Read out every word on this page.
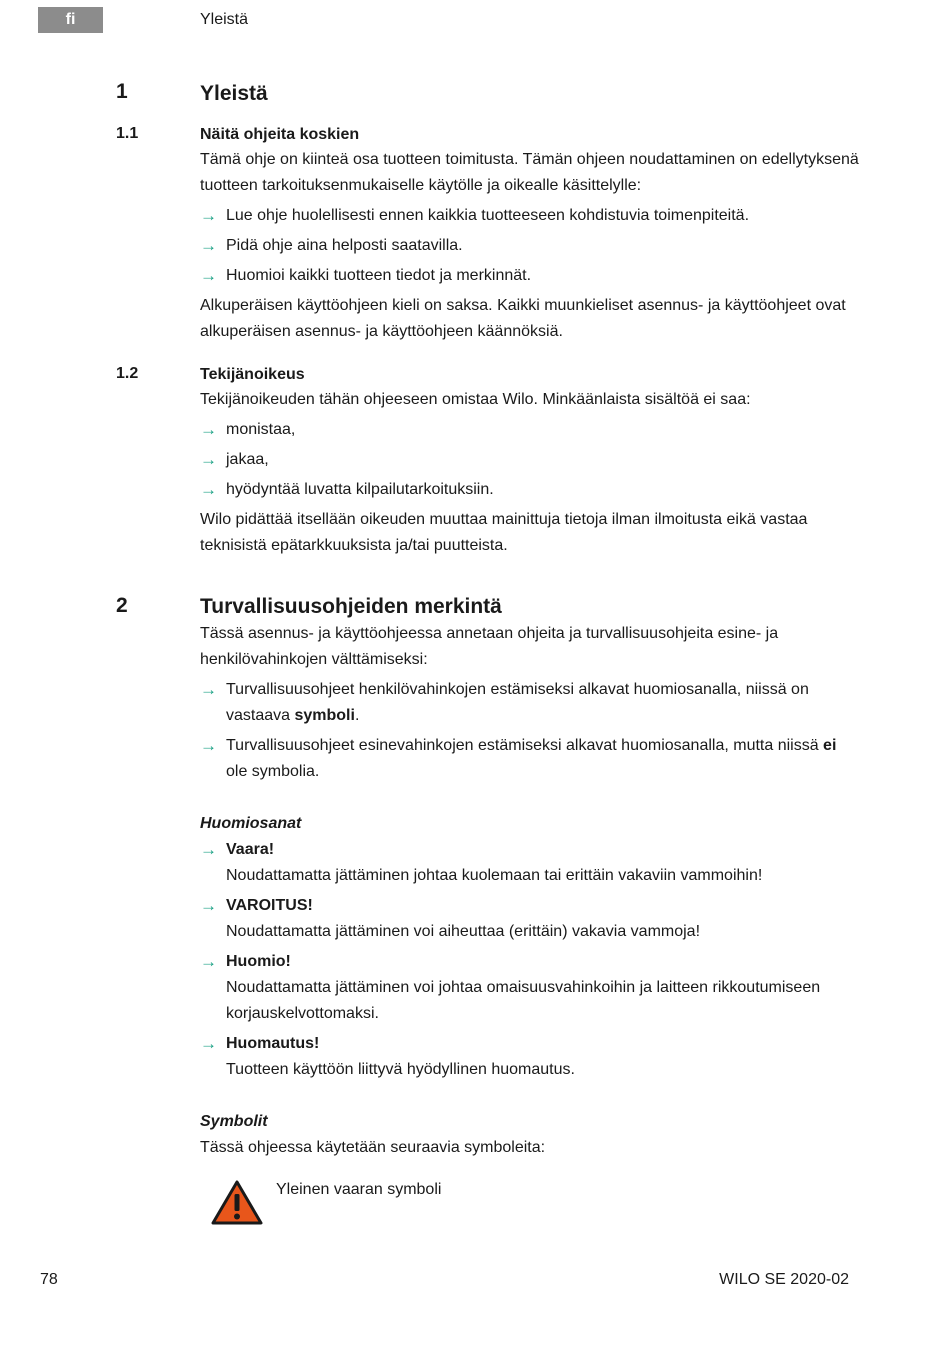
fi	Yleistä
1	Yleistä
1.1	Näitä ohjeita koskien

Tämä ohje on kiinteä osa tuotteen toimitusta. Tämän ohjeen noudattaminen on edellytyksenä tuotteen tarkoituksenmukaiselle käytölle ja oikealle käsittelylle:

→ Lue ohje huolellisesti ennen kaikkia tuotteeseen kohdistuvia toimenpiteitä.
→ Pidä ohje aina helposti saatavilla.
→ Huomioi kaikki tuotteen tiedot ja merkinnät.

Alkuperäisen käyttöohjeen kieli on saksa. Kaikki muunkieliset asennus- ja käyttöohjeet ovat alkuperäisen asennus- ja käyttöohjeen käännöksiä.

1.2	Tekijänoikeus

Tekijänoikeuden tähän ohjeeseen omistaa Wilo. Minkäänlaista sisältöä ei saa:

→ monistaa,
→ jakaa,
→ hyödyntää luvatta kilpailutarkoituksiin.

Wilo pidättää itsellään oikeuden muuttaa mainittuja tietoja ilman ilmoitusta eikä vastaa teknisistä epätarkkuuksista ja/tai puutteista.

2	Turvallisuusohjeiden merkintä

Tässä asennus- ja käyttöohjeessa annetaan ohjeita ja turvallisuusohjeita esine- ja henkilövahinkojen välttämiseksi:

→ Turvallisuusohjeet henkilövahinkojen estämiseksi alkavat huomiosanalla, niissä on vastaava symboli.
→ Turvallisuusohjeet esinevahinkojen estämiseksi alkavat huomiosanalla, mutta niissä ei ole symbolia.
Huomiosanat
→ Vaara!
Noudattamatta jättäminen johtaa kuolemaan tai erittäin vakaviin vammoihin!
→ VAROITUS!
Noudattamatta jättäminen voi aiheuttaa (erittäin) vakavia vammoja!
→ Huomio!
Noudattamatta jättäminen voi johtaa omaisuusvahinkoihin ja laitteen rikkoutumiseen korjauskelvottomaksi.
→ Huomautus!
Tuotteen käyttöön liittyvä hyödyllinen huomautus.
Symbolit

Tässä ohjeessa käytetään seuraavia symboleita:

Yleinen vaaran symboli
78	WILO SE 2020-02
